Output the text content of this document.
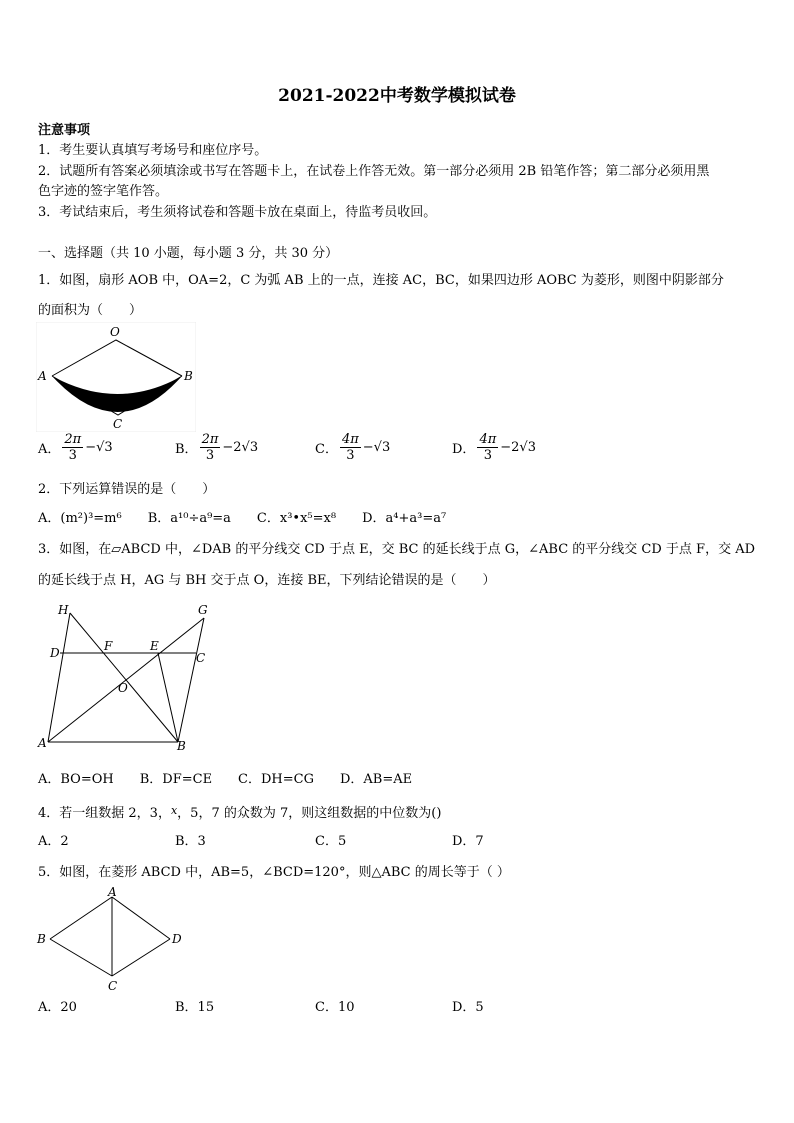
2021-2022中考数学模拟试卷
注意事项
1．考生要认真填写考场号和座位序号。
2．试题所有答案必须填涂或书写在答题卡上，在试卷上作答无效。第一部分必须用 2B 铅笔作答；第二部分必须用黑
色字迹的签字笔作答。
3．考试结束后，考生须将试卷和答题卡放在桌面上，待监考员收回。
一、选择题（共 10 小题，每小题 3 分，共 30 分）
1．如图，扇形 AOB 中，OA=2，C 为弧 AB 上的一点，连接 AC，BC，如果四边形 AOBC 为菱形，则图中阴影部分
的面积为（　　）
O
A	B
C
A． $\frac{2\pi}{3} -√3$	B． $\frac{2\pi}{3} -2√3$	C． $\frac{4\pi}{3} -√3$	D． $\frac{4\pi}{3} -2√3$
2．下列运算错误的是（　　）
A．(m²)³=m⁶　　B．a¹⁰÷a⁹=a　　C．x³•x⁵=x⁸　　D．a⁴+a³=a⁷
3．如图，在▱ABCD 中，∠DAB 的平分线交 CD 于点 E，交 BC 的延长线于点 G，∠ABC 的平分线交 CD 于点 F，交 AD
的延长线于点 H，AG 与 BH 交于点 O，连接 BE，下列结论错误的是（　　）
H	G
D	F	E
C
O
A	B
A．BO=OH　　B．DF=CE　　C．DH=CG　　D．AB=AE
4．若一组数据 2，3，$^x$，5，7 的众数为 7，则这组数据的中位数为()
A．2	B．3	C．5	D．7
5．如图，在菱形 ABCD 中，AB=5，∠BCD=120°，则△ABC 的周长等于（ ）
A
B	D
C
A．20	B．15	C．10	D．5
